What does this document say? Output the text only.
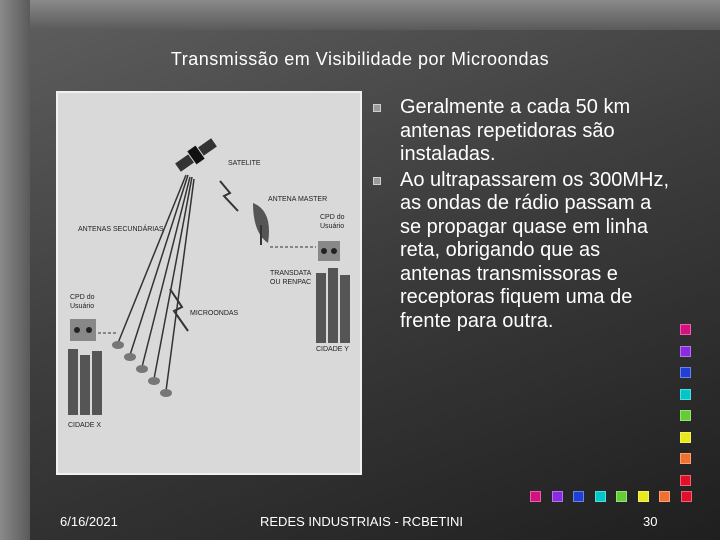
Transmissão em Visibilidade por Microondas
SATELITE
ANTENA MASTER
ANTENAS SECUNDÁRIAS
CPD do
Usuário
TRANSDATA
OU RENPAC
CIDADE Y
MICROONDAS
CPD do
Usuário
CIDADE X
Geralmente a cada 50 km antenas repetidoras são instaladas.
Ao ultrapassarem os 300MHz, as ondas de rádio passam a se propagar quase em linha reta, obrigando que as antenas transmissoras e receptoras fiquem uma de frente para outra.
6/16/2021	REDES INDUSTRIAIS - RCBETINI	30
